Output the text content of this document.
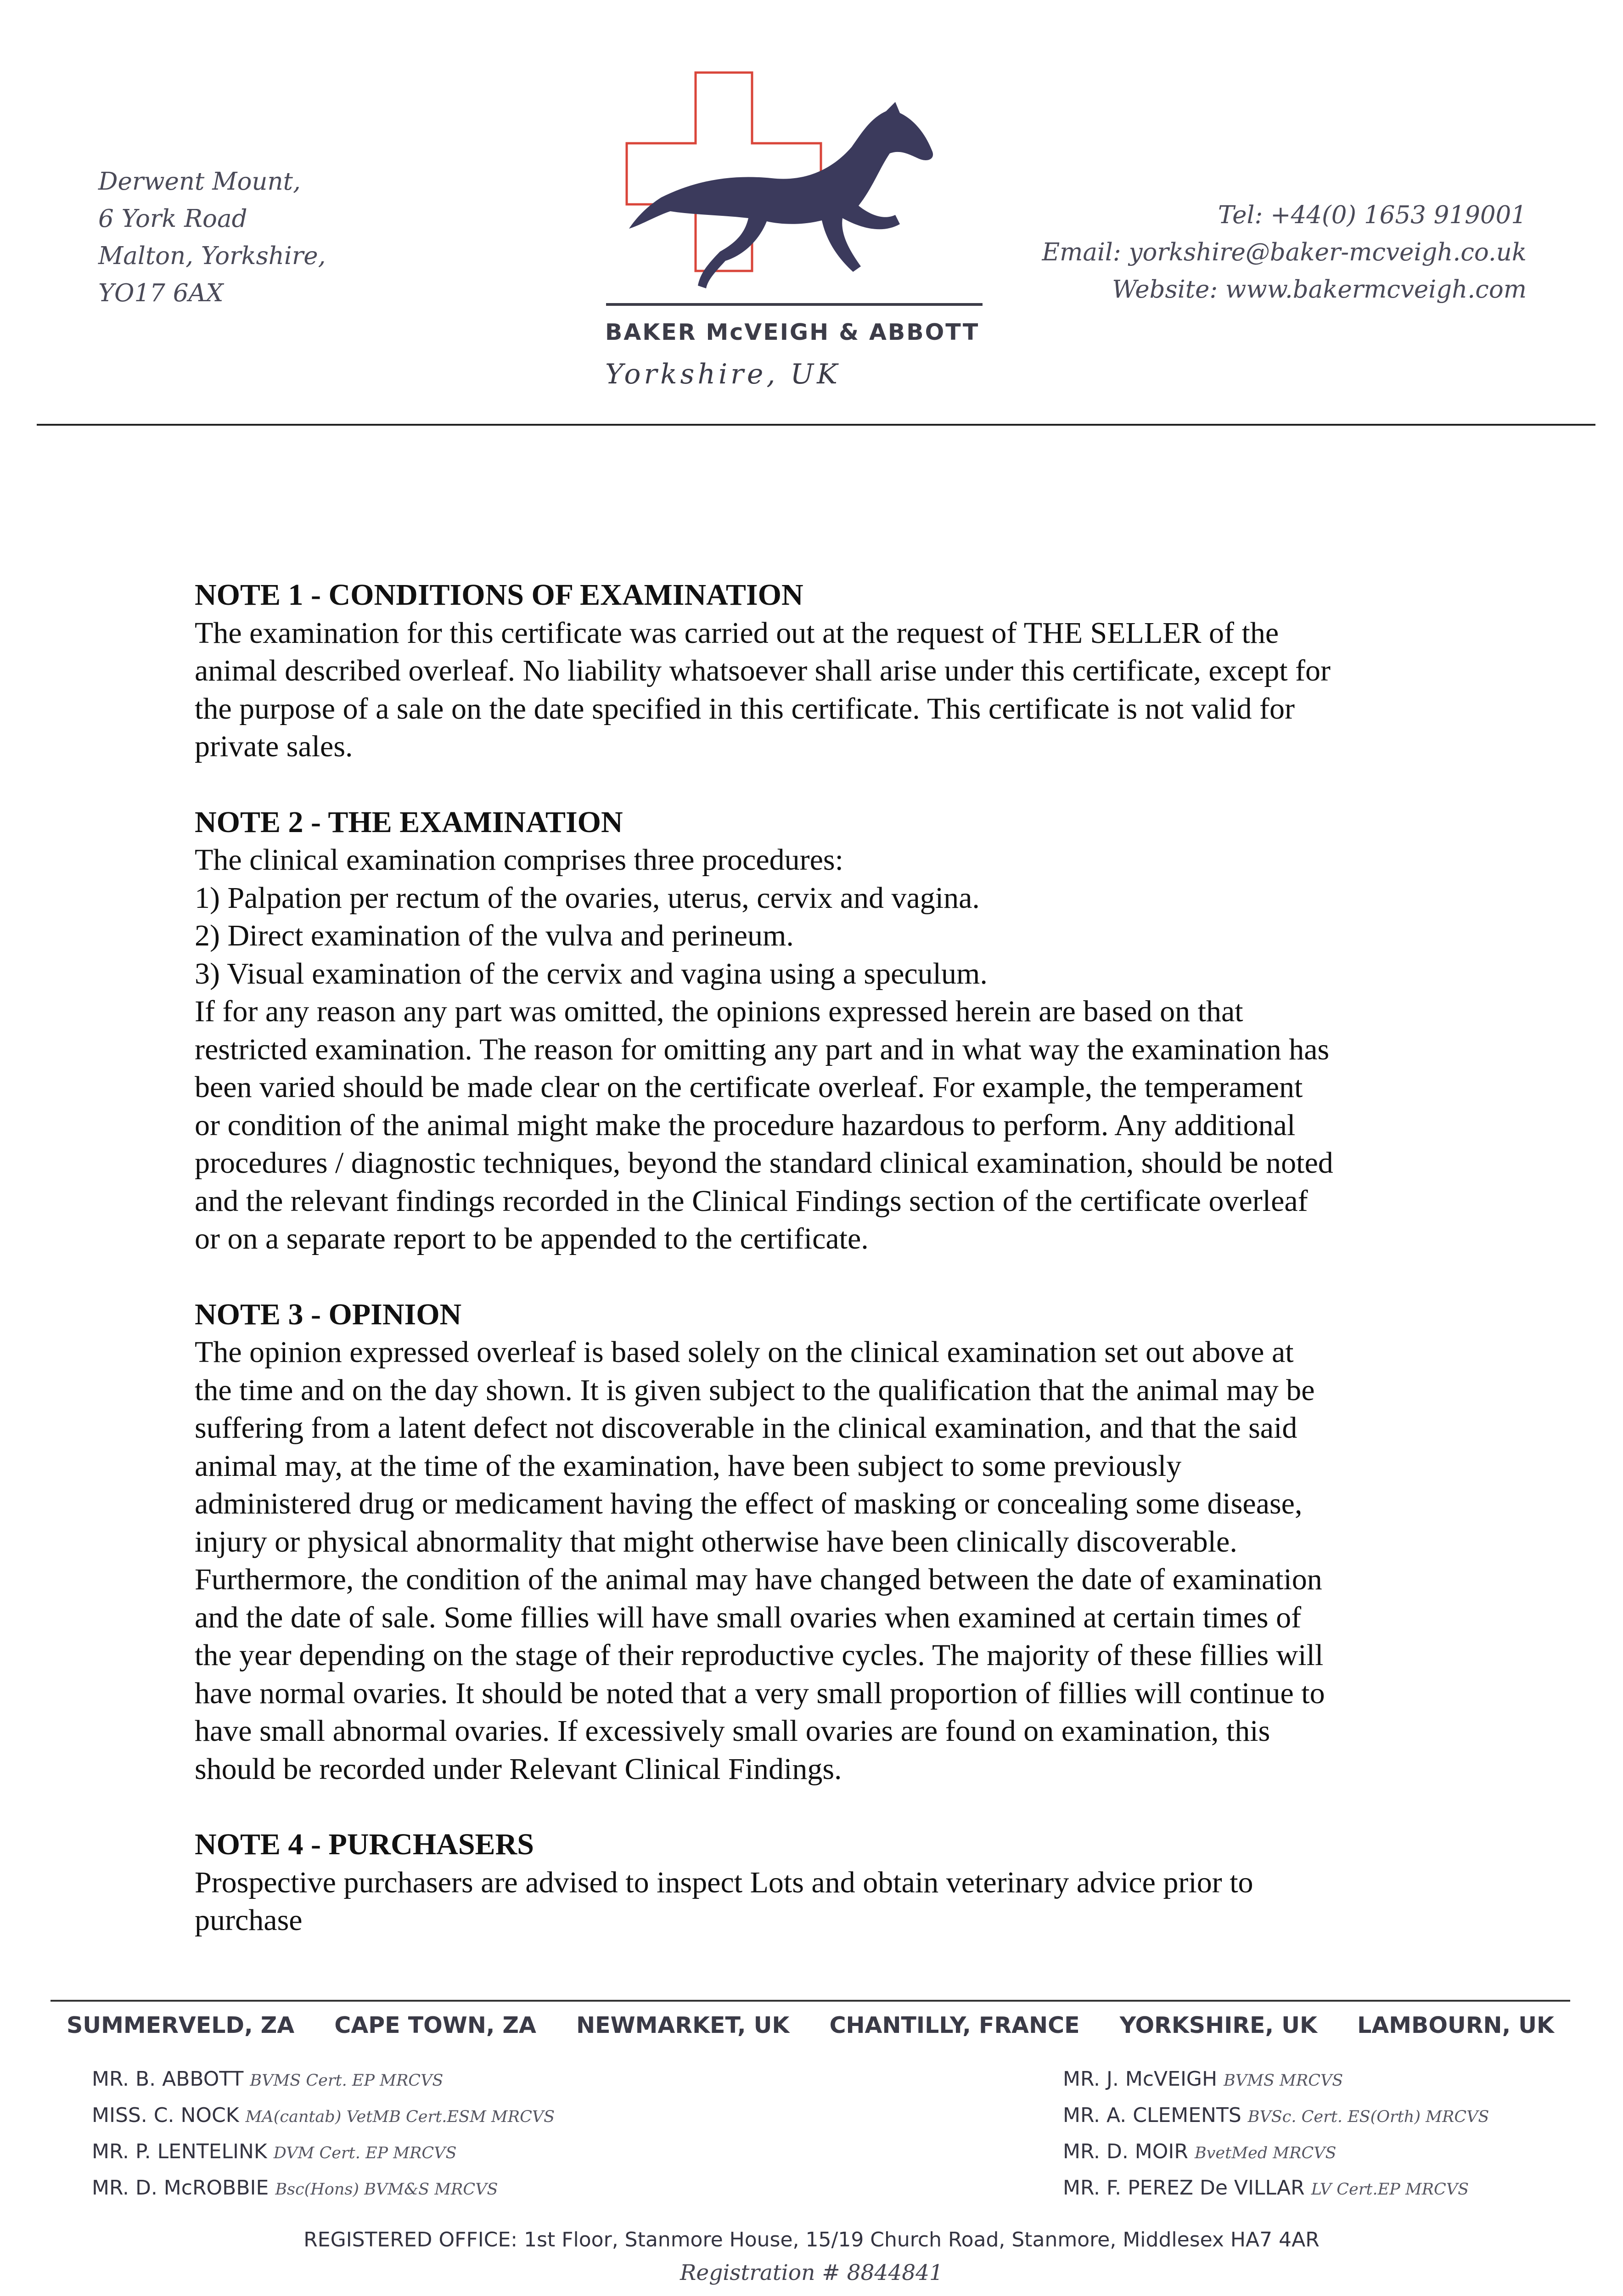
Derwent Mount,
6 York Road
Malton, Yorkshire,
YO17 6AX
BAKER McVEIGH & ABBOTT
Yorkshire, UK
Tel: +44(0) 1653 919001
Email: yorkshire@baker-mcveigh.co.uk
Website: www.bakermcveigh.com
NOTE 1 - CONDITIONS OF EXAMINATION

The examination for this certificate was carried out at the request of THE SELLER of the

animal described overleaf. No liability whatsoever shall arise under this certificate, except for

the purpose of a sale on the date specified in this certificate. This certificate is not valid for

private sales.

NOTE 2 - THE EXAMINATION

The clinical examination comprises three procedures:

1) Palpation per rectum of the ovaries, uterus, cervix and vagina.

2) Direct examination of the vulva and perineum.

3) Visual examination of the cervix and vagina using a speculum.

If for any reason any part was omitted, the opinions expressed herein are based on that

restricted examination. The reason for omitting any part and in what way the examination has

been varied should be made clear on the certificate overleaf. For example, the temperament

or condition of the animal might make the procedure hazardous to perform. Any additional

procedures / diagnostic techniques, beyond the standard clinical examination, should be noted

and the relevant findings recorded in the Clinical Findings section of the certificate overleaf

or on a separate report to be appended to the certificate.

NOTE 3 - OPINION

The opinion expressed overleaf is based solely on the clinical examination set out above at

the time and on the day shown. It is given subject to the qualification that the animal may be

suffering from a latent defect not discoverable in the clinical examination, and that the said

animal may, at the time of the examination, have been subject to some previously

administered drug or medicament having the effect of masking or concealing some disease,

injury or physical abnormality that might otherwise have been clinically discoverable.

Furthermore, the condition of the animal may have changed between the date of examination

and the date of sale. Some fillies will have small ovaries when examined at certain times of

the year depending on the stage of their reproductive cycles. The majority of these fillies will

have normal ovaries. It should be noted that a very small proportion of fillies will continue to

have small abnormal ovaries. If excessively small ovaries are found on examination, this

should be recorded under Relevant Clinical Findings.

NOTE 4 - PURCHASERS

Prospective purchasers are advised to inspect Lots and obtain veterinary advice prior to

purchase

SUMMERVELD, ZA CAPE TOWN, ZA NEWMARKET, UK CHANTILLY, FRANCE YORKSHIRE, UK LAMBOURN, UK
MR. B. ABBOTT BVMS Cert. EP MRCVS
MISS. C. NOCK MA(cantab) VetMB Cert.ESM MRCVS
MR. P. LENTELINK DVM Cert. EP MRCVS
MR. D. McROBBIE Bsc(Hons) BVM&S MRCVS
MR. J. McVEIGH BVMS MRCVS
MR. A. CLEMENTS BVSc. Cert. ES(Orth) MRCVS
MR. D. MOIR BvetMed MRCVS
MR. F. PEREZ De VILLAR LV Cert.EP MRCVS
REGISTERED OFFICE: 1st Floor, Stanmore House, 15/19 Church Road, Stanmore, Middlesex HA7 4AR
Registration # 8844841
